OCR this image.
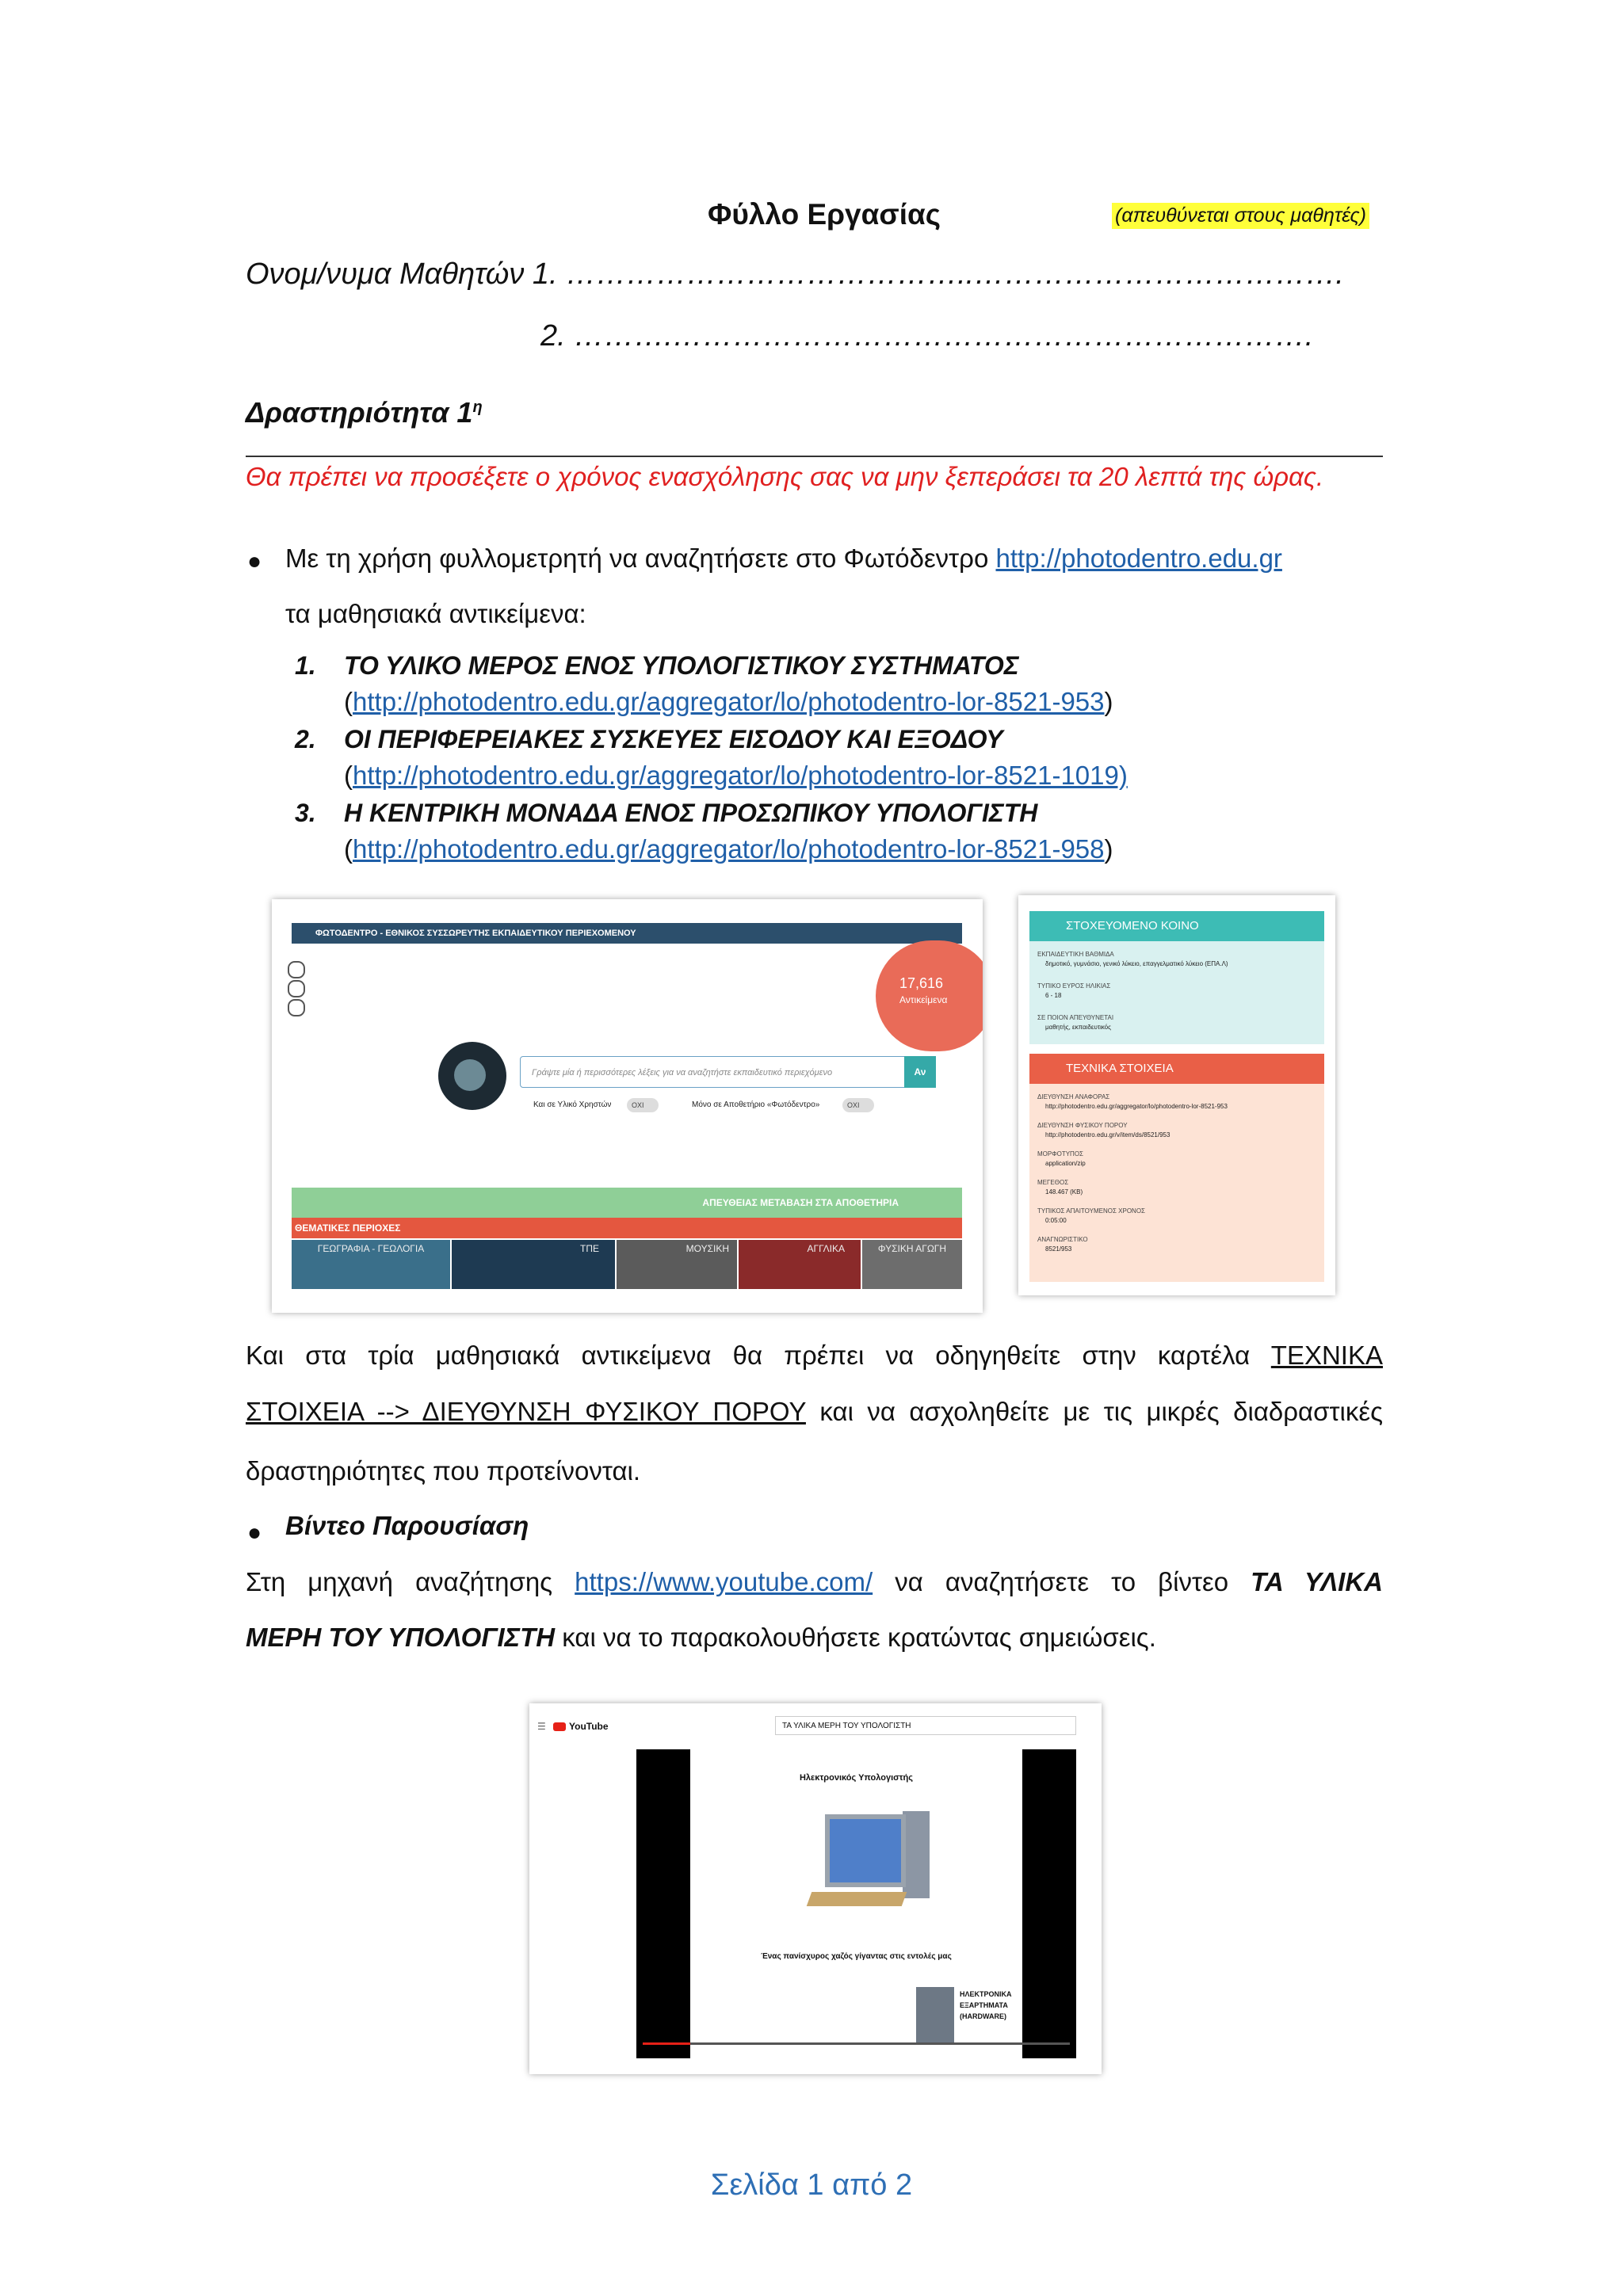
Φύλλο Εργασίας	(απευθύνεται στους μαθητές)
Ονομ/νυμα Μαθητών 1. …………………………………..……………………………….
2. ……….……………………………………………………….
Δραστηριότητα $1^\eta$
Θα πρέπει να προσέξετε ο χρόνος ενασχόλησης σας να μην ξεπεράσει τα 20 λεπτά της ώρας.
● Με τη χρήση φυλλομετρητή να αναζητήσετε στο Φωτόδεντρο http://photodentro.edu.gr
τα μαθησιακά αντικείμενα:
1. ΤΟ ΥΛΙΚΟ ΜΕΡΟΣ ΕΝΟΣ ΥΠΟΛΟΓΙΣΤΙΚΟΥ ΣΥΣΤΗΜΑΤΟΣ
(http://photodentro.edu.gr/aggregator/lo/photodentro-lor-8521-953)
2. ΟΙ ΠΕΡΙΦΕΡΕΙΑΚΕΣ ΣΥΣΚΕΥΕΣ ΕΙΣΟΔΟΥ ΚΑΙ ΕΞΟΔΟΥ
(http://photodentro.edu.gr/aggregator/lo/photodentro-lor-8521-1019)
3. Η ΚΕΝΤΡΙΚΗ ΜΟΝΑΔΑ ΕΝΟΣ ΠΡΟΣΩΠΙΚΟΥ ΥΠΟΛΟΓΙΣΤΗ
(http://photodentro.edu.gr/aggregator/lo/photodentro-lor-8521-958)
ΦΩΤΟΔΕΝΤΡΟ - ΕΘΝΙΚΟΣ ΣΥΣΣΩΡΕΥΤΗΣ ΕΚΠΑΙΔΕΥΤΙΚΟΥ ΠΕΡΙΕΧΟΜΕΝΟΥ
17,616
Αντικείμενα
Γράψτε μία ή περισσότερες λέξεις για να αναζητήστε εκπαιδευτικό περιεχόμενο	Αν
Και σε Υλικό Χρηστών	ΟΧΙ	Μόνο σε Αποθετήριο «Φωτόδεντρο»	ΟΧΙ
ΑΠΕΥΘΕΙΑΣ ΜΕΤΑΒΑΣΗ ΣΤΑ ΑΠΟΘΕΤΗΡΙΑ
ΘΕΜΑΤΙΚΕΣ ΠΕΡΙΟΧΕΣ
ΓΕΩΓΡΑΦΙΑ - ΓΕΩΛΟΓΙΑ	ΤΠΕ	ΜΟΥΣΙΚΗ	ΑΓΓΛΙΚΑ	ΦΥΣΙΚΗ ΑΓΩΓΗ
ΣΤΟΧΕΥΟΜΕΝΟ ΚΟΙΝΟ
ΕΚΠΑΙΔΕΥΤΙΚΗ ΒΑΘΜΙΔΑ
δημοτικό, γυμνάσιο, γενικό λύκειο, επαγγελματικό λύκειο (ΕΠΑ.Λ)
ΤΥΠΙΚΟ ΕΥΡΟΣ ΗΛΙΚΙΑΣ
6 - 18
ΣΕ ΠΟΙΟΝ ΑΠΕΥΘΥΝΕΤΑΙ
μαθητής, εκπαιδευτικός
ΤΕΧΝΙΚΑ ΣΤΟΙΧΕΙΑ
ΔΙΕΥΘΥΝΣΗ ΑΝΑΦΟΡΑΣ
http://photodentro.edu.gr/aggregator/lo/photodentro-lor-8521-953
ΔΙΕΥΘΥΝΣΗ ΦΥΣΙΚΟΥ ΠΟΡΟΥ
http://photodentro.edu.gr/v/item/ds/8521/953
ΜΟΡΦΟΤΥΠΟΣ
application/zip
ΜΕΓΕΘΟΣ
148.467 (KB)
ΤΥΠΙΚΟΣ ΑΠΑΙΤΟΥΜΕΝΟΣ ΧΡΟΝΟΣ
0:05:00
ΑΝΑΓΝΩΡΙΣΤΙΚΟ
8521/953
Και στα τρία μαθησιακά αντικείμενα θα πρέπει να οδηγηθείτε στην καρτέλα ΤΕΧΝΙΚΑ
ΣΤΟΙΧΕΙΑ --> ΔΙΕΥΘΥΝΣΗ ΦΥΣΙΚΟΥ ΠΟΡΟΥ και να ασχοληθείτε με τις μικρές διαδραστικές
δραστηριότητες που προτείνονται.
● Βίντεο Παρουσίαση
Στη μηχανή αναζήτησης https://www.youtube.com/ να αναζητήσετε το βίντεο ΤΑ ΥΛΙΚΑ
ΜΕΡΗ ΤΟΥ ΥΠΟΛΟΓΙΣΤΗ και να το παρακολουθήσετε κρατώντας σημειώσεις.
☰	YouTube	ΤΑ ΥΛΙΚΑ ΜΕΡΗ ΤΟΥ ΥΠΟΛΟΓΙΣΤΗ
Ηλεκτρονικός Υπολογιστής
Ένας πανίσχυρος χαζός γίγαντας στις εντολές μας
ΗΛΕΚΤΡΟΝΙΚΑ
ΕΞΑΡΤΗΜΑΤΑ
(HARDWARE)
Σελίδα 1 από 2
